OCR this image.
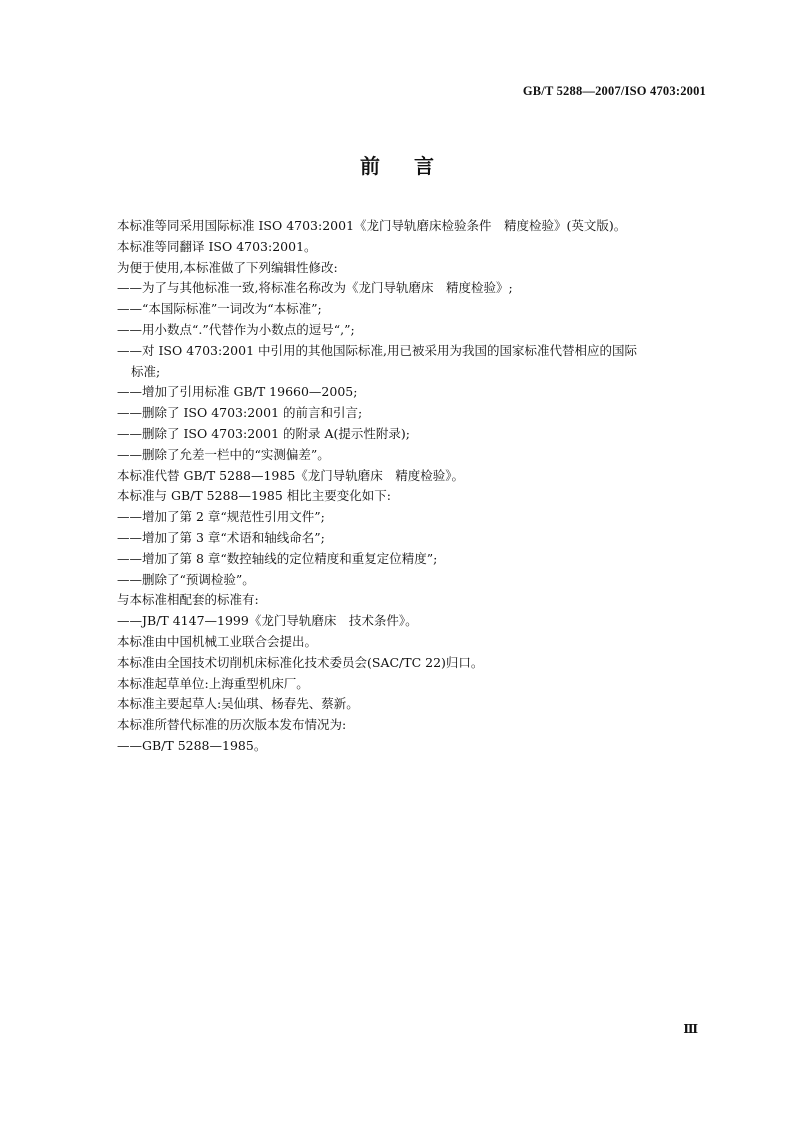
GB/T 5288—2007/ISO 4703:2001
前言
本标准等同采用国际标准 ISO 4703:2001《龙门导轨磨床检验条件　精度检验》(英文版)。
本标准等同翻译 ISO 4703:2001。
为便于使用,本标准做了下列编辑性修改:
——为了与其他标准一致,将标准名称改为《龙门导轨磨床　精度检验》;
——“本国际标准”一词改为“本标准”;
——用小数点“.”代替作为小数点的逗号“,”;
——对 ISO 4703:2001 中引用的其他国际标准,用已被采用为我国的国家标准代替相应的国际
标准;
——增加了引用标准 GB/T 19660—2005;
——删除了 ISO 4703:2001 的前言和引言;
——删除了 ISO 4703:2001 的附录 A(提示性附录);
——删除了允差一栏中的“实测偏差”。
本标准代替 GB/T 5288—1985《龙门导轨磨床　精度检验》。
本标准与 GB/T 5288—1985 相比主要变化如下:
——增加了第 2 章“规范性引用文件”;
——增加了第 3 章“术语和轴线命名”;
——增加了第 8 章“数控轴线的定位精度和重复定位精度”;
——删除了“预调检验”。
与本标准相配套的标准有:
——JB/T 4147—1999《龙门导轨磨床　技术条件》。
本标准由中国机械工业联合会提出。
本标准由全国技术切削机床标准化技术委员会(SAC/TC 22)归口。
本标准起草单位:上海重型机床厂。
本标准主要起草人:吴仙琪、杨春先、蔡新。
本标准所替代标准的历次版本发布情况为:
——GB/T 5288—1985。
Ⅲ
